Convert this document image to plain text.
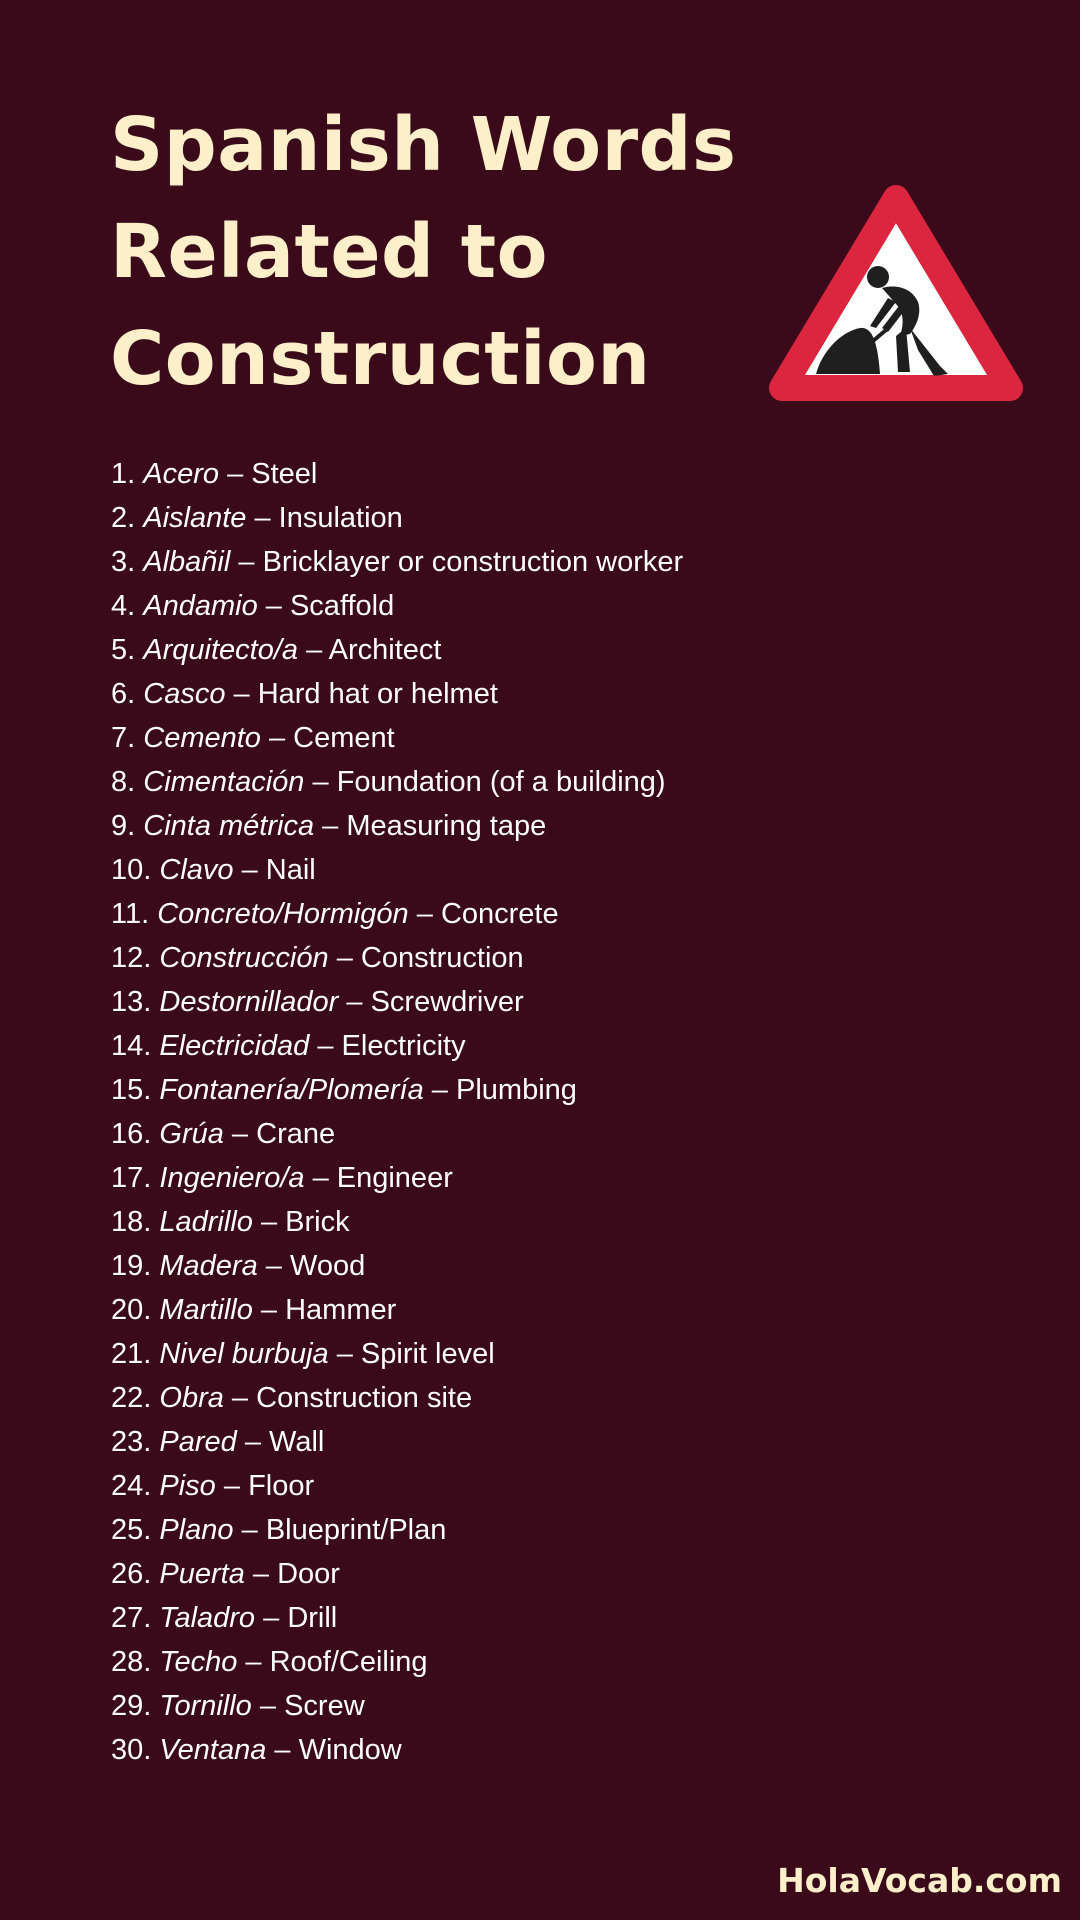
Spanish Words
Related to
Construction
1. Acero – Steel
2. Aislante – Insulation
3. Albañil – Bricklayer or construction worker
4. Andamio – Scaffold
5. Arquitecto/a – Architect
6. Casco – Hard hat or helmet
7. Cemento – Cement
8. Cimentación – Foundation (of a building)
9. Cinta métrica – Measuring tape
10. Clavo – Nail
11. Concreto/Hormigón – Concrete
12. Construcción – Construction
13. Destornillador – Screwdriver
14. Electricidad – Electricity
15. Fontanería/Plomería – Plumbing
16. Grúa – Crane
17. Ingeniero/a – Engineer
18. Ladrillo – Brick
19. Madera – Wood
20. Martillo – Hammer
21. Nivel burbuja – Spirit level
22. Obra – Construction site
23. Pared – Wall
24. Piso – Floor
25. Plano – Blueprint/Plan
26. Puerta – Door
27. Taladro – Drill
28. Techo – Roof/Ceiling
29. Tornillo – Screw
30. Ventana – Window
HolaVocab.com
